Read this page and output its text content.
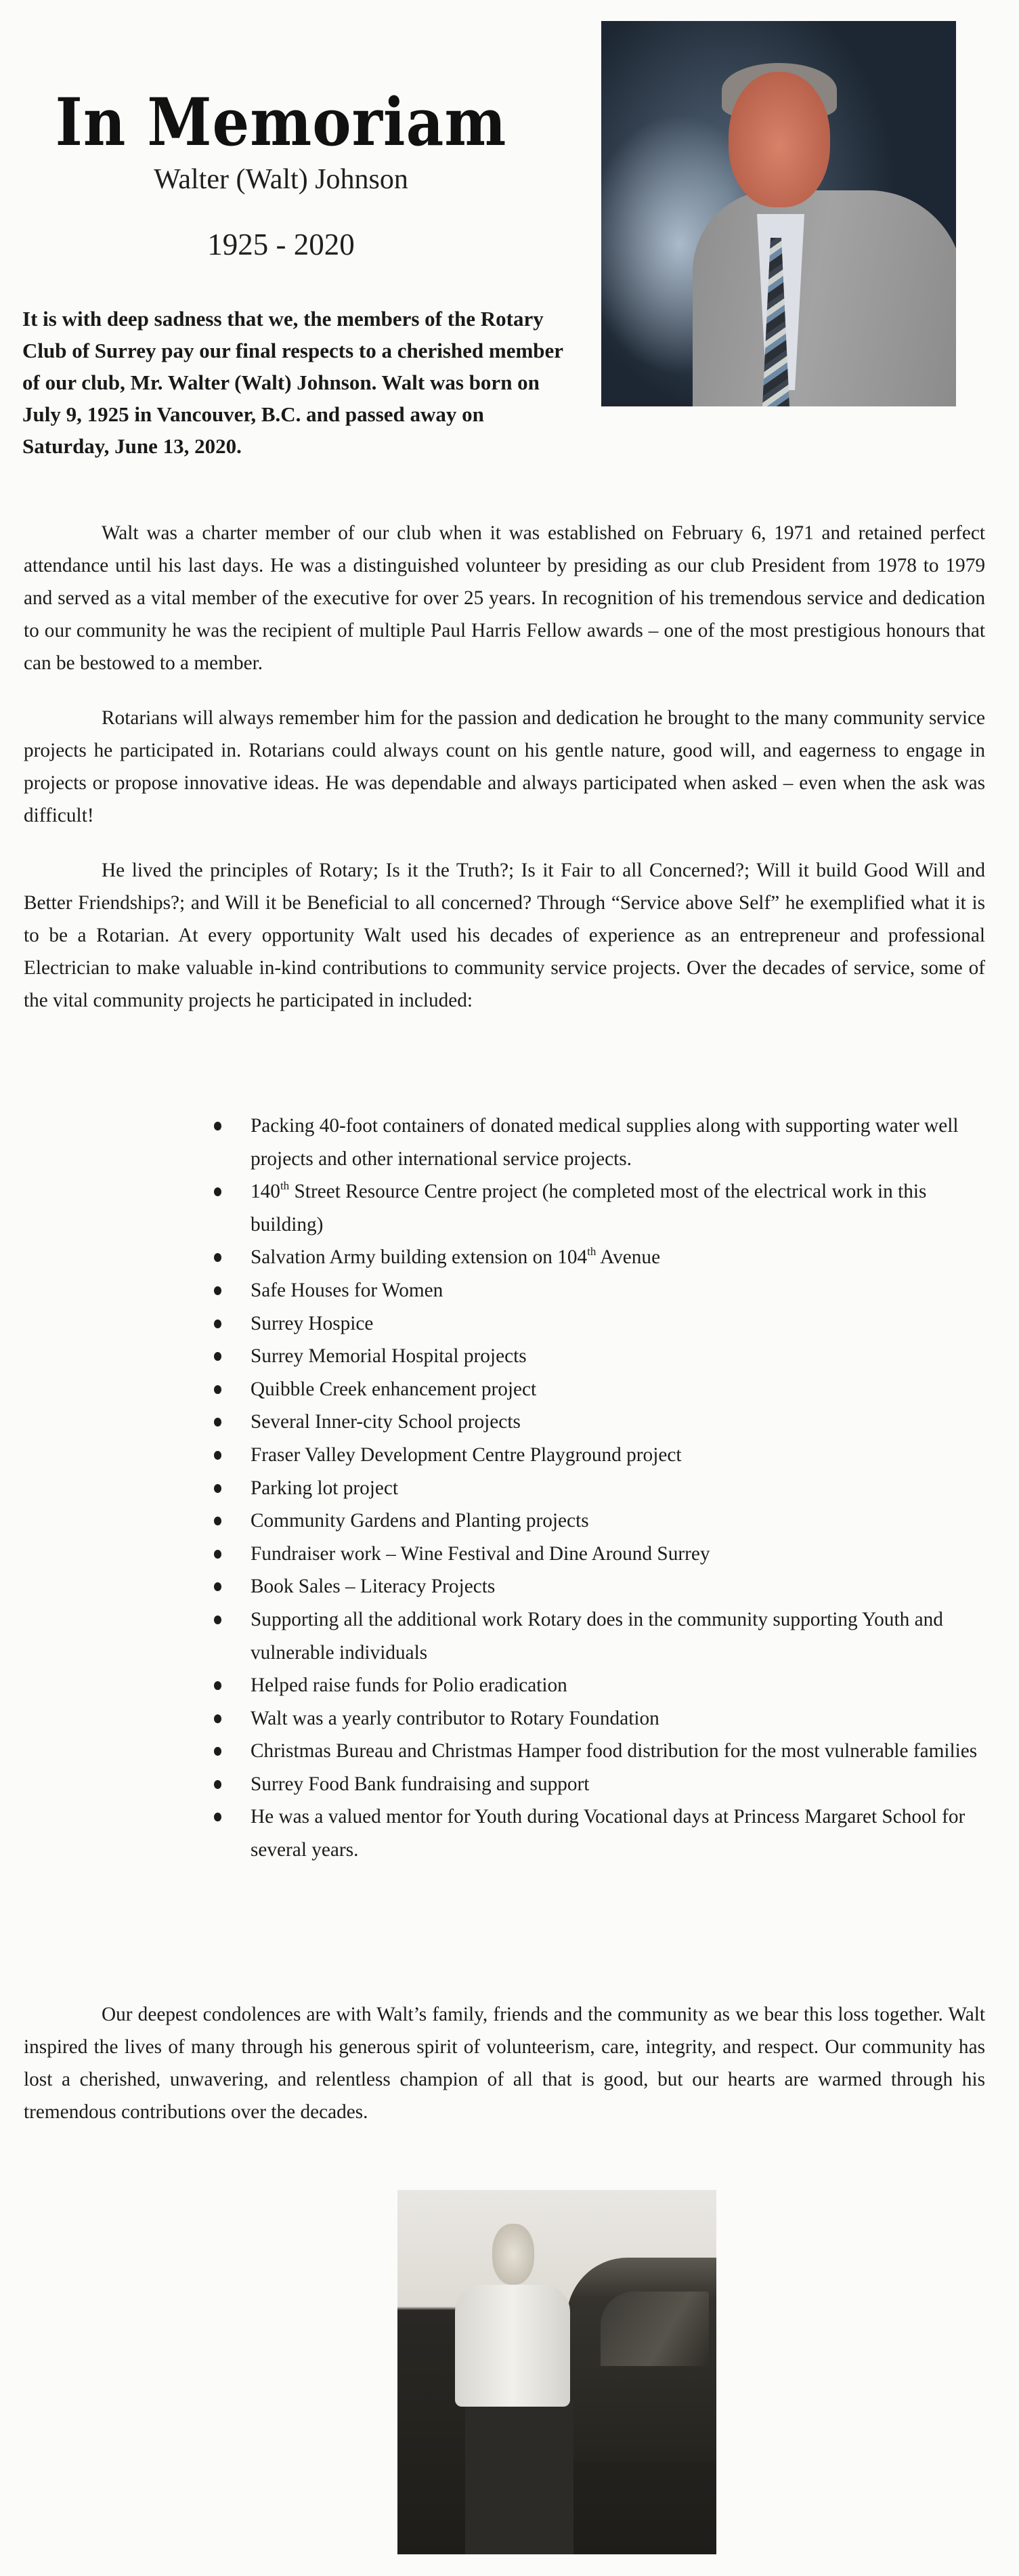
In Memoriam
Walter (Walt) Johnson
1925 - 2020
It is with deep sadness that we, the members of the Rotary Club of Surrey pay our final respects to a cherished member of our club, Mr. Walter (Walt) Johnson. Walt was born on July 9, 1925 in Vancouver, B.C. and passed away on Saturday, June 13, 2020.

Walt was a charter member of our club when it was established on February 6, 1971 and retained perfect attendance until his last days. He was a distinguished volunteer by presiding as our club President from 1978 to 1979 and served as a vital member of the executive for over 25 years. In recognition of his tremendous service and dedication to our community he was the recipient of multiple Paul Harris Fellow awards – one of the most prestigious honours that can be bestowed to a member.

Rotarians will always remember him for the passion and dedication he brought to the many community service projects he participated in. Rotarians could always count on his gentle nature, good will, and eagerness to engage in projects or propose innovative ideas. He was dependable and always participated when asked – even when the ask was difficult!

He lived the principles of Rotary; Is it the Truth?; Is it Fair to all Concerned?; Will it build Good Will and Better Friendships?; and Will it be Beneficial to all concerned? Through “Service above Self” he exemplified what it is to be a Rotarian. At every opportunity Walt used his decades of experience as an entrepreneur and professional Electrician to make valuable in-kind contributions to community service projects. Over the decades of service, some of the vital community projects he participated in included:

Packing 40-foot containers of donated medical supplies along with supporting water well projects and other international service projects.
140th Street Resource Centre project (he completed most of the electrical work in this building)
Salvation Army building extension on 104th Avenue
Safe Houses for Women
Surrey Hospice
Surrey Memorial Hospital projects
Quibble Creek enhancement project
Several Inner-city School projects
Fraser Valley Development Centre Playground project
Parking lot project
Community Gardens and Planting projects
Fundraiser work – Wine Festival and Dine Around Surrey
Book Sales – Literacy Projects
Supporting all the additional work Rotary does in the community supporting Youth and vulnerable individuals
Helped raise funds for Polio eradication
Walt was a yearly contributor to Rotary Foundation
Christmas Bureau and Christmas Hamper food distribution for the most vulnerable families
Surrey Food Bank fundraising and support
He was a valued mentor for Youth during Vocational days at Princess Margaret School for several years.

Our deepest condolences are with Walt’s family, friends and the community as we bear this loss together. Walt inspired the lives of many through his generous spirit of volunteerism, care, integrity, and respect. Our community has lost a cherished, unwavering, and relentless champion of all that is good, but our hearts are warmed through his tremendous contributions over the decades.
